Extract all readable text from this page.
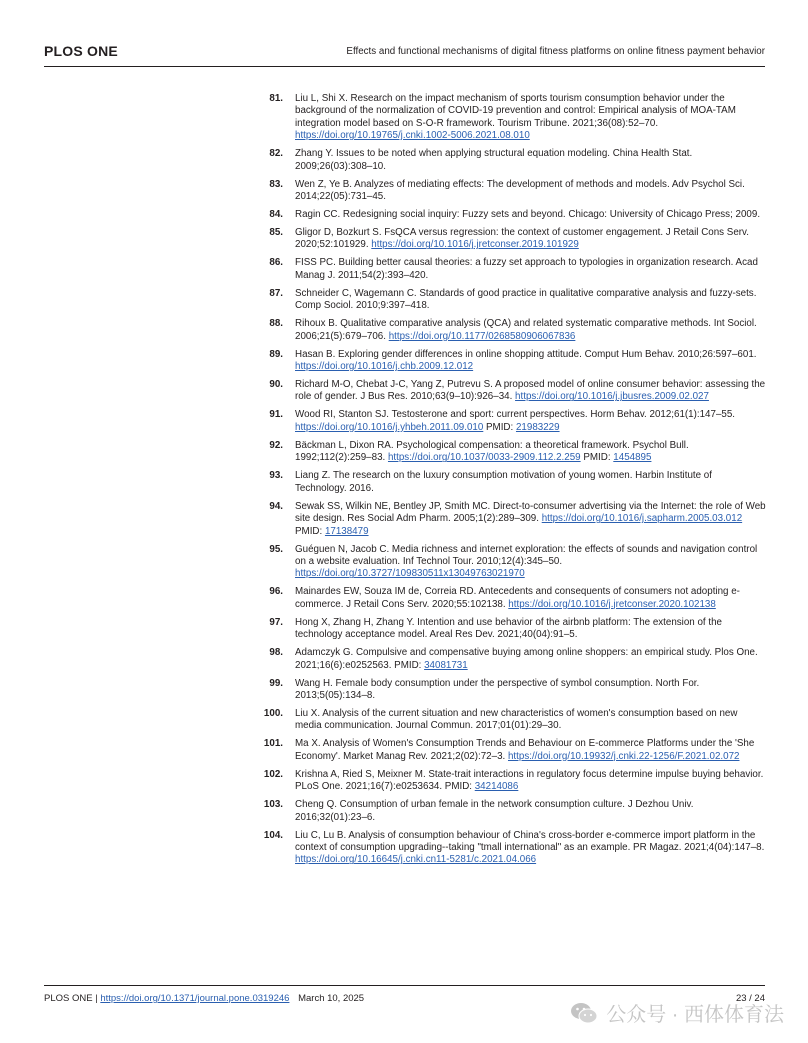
PLOS ONE	Effects and functional mechanisms of digital fitness platforms on online fitness payment behavior
81. Liu L, Shi X. Research on the impact mechanism of sports tourism consumption behavior under the background of the normalization of COVID-19 prevention and control: Empirical analysis of MOA-TAM integration model based on S-O-R framework. Tourism Tribune. 2021;36(08):52–70. https://doi.org/10.19765/j.cnki.1002-5006.2021.08.010
82. Zhang Y. Issues to be noted when applying structural equation modeling. China Health Stat. 2009;26(03):308–10.
83. Wen Z, Ye B. Analyzes of mediating effects: The development of methods and models. Adv Psychol Sci. 2014;22(05):731–45.
84. Ragin CC. Redesigning social inquiry: Fuzzy sets and beyond. Chicago: University of Chicago Press; 2009.
85. Gligor D, Bozkurt S. FsQCA versus regression: the context of customer engagement. J Retail Cons Serv. 2020;52:101929. https://doi.org/10.1016/j.jretconser.2019.101929
86. FISS PC. Building better causal theories: a fuzzy set approach to typologies in organization research. Acad Manag J. 2011;54(2):393–420.
87. Schneider C, Wagemann C. Standards of good practice in qualitative comparative analysis and fuzzy-sets. Comp Sociol. 2010;9:397–418.
88. Rihoux B. Qualitative comparative analysis (QCA) and related systematic comparative methods. Int Sociol. 2006;21(5):679–706. https://doi.org/10.1177/0268580906067836
89. Hasan B. Exploring gender differences in online shopping attitude. Comput Hum Behav. 2010;26:597–601. https://doi.org/10.1016/j.chb.2009.12.012
90. Richard M-O, Chebat J-C, Yang Z, Putrevu S. A proposed model of online consumer behavior: assessing the role of gender. J Bus Res. 2010;63(9–10):926–34. https://doi.org/10.1016/j.jbusres.2009.02.027
91. Wood RI, Stanton SJ. Testosterone and sport: current perspectives. Horm Behav. 2012;61(1):147–55. https://doi.org/10.1016/j.yhbeh.2011.09.010 PMID: 21983229
92. Bäckman L, Dixon RA. Psychological compensation: a theoretical framework. Psychol Bull. 1992;112(2):259–83. https://doi.org/10.1037/0033-2909.112.2.259 PMID: 1454895
93. Liang Z. The research on the luxury consumption motivation of young women. Harbin Institute of Technology. 2016.
94. Sewak SS, Wilkin NE, Bentley JP, Smith MC. Direct-to-consumer advertising via the Internet: the role of Web site design. Res Social Adm Pharm. 2005;1(2):289–309. https://doi.org/10.1016/j.sapharm.2005.03.012 PMID: 17138479
95. Guéguen N, Jacob C. Media richness and internet exploration: the effects of sounds and navigation control on a website evaluation. Inf Technol Tour. 2010;12(4):345–50. https://doi.org/10.3727/109830511x13049763021970
96. Mainardes EW, Souza IM de, Correia RD. Antecedents and consequents of consumers not adopting e-commerce. J Retail Cons Serv. 2020;55:102138. https://doi.org/10.1016/j.jretconser.2020.102138
97. Hong X, Zhang H, Zhang Y. Intention and use behavior of the airbnb platform: The extension of the technology acceptance model. Areal Res Dev. 2021;40(04):91–5.
98. Adamczyk G. Compulsive and compensative buying among online shoppers: an empirical study. Plos One. 2021;16(6):e0252563. PMID: 34081731
99. Wang H. Female body consumption under the perspective of symbol consumption. North For. 2013;5(05):134–8.
100. Liu X. Analysis of the current situation and new characteristics of women's consumption based on new media communication. Journal Commun. 2017;01(01):29–30.
101. Ma X. Analysis of Women's Consumption Trends and Behaviour on E-commerce Platforms under the 'She Economy'. Market Manag Rev. 2021;2(02):72–3. https://doi.org/10.19932/j.cnki.22-1256/F.2021.02.072
102. Krishna A, Ried S, Meixner M. State-trait interactions in regulatory focus determine impulse buying behavior. PLoS One. 2021;16(7):e0253634. PMID: 34214086
103. Cheng Q. Consumption of urban female in the network consumption culture. J Dezhou Univ. 2016;32(01):23–6.
104. Liu C, Lu B. Analysis of consumption behaviour of China's cross-border e-commerce import platform in the context of consumption upgrading--taking "tmall international" as an example. PR Magaz. 2021;4(04):147–8. https://doi.org/10.16645/j.cnki.cn11-5281/c.2021.04.066
PLOS ONE | https://doi.org/10.1371/journal.pone.0319246 March 10, 2025	23 / 24
公众号 · 西体体育法
